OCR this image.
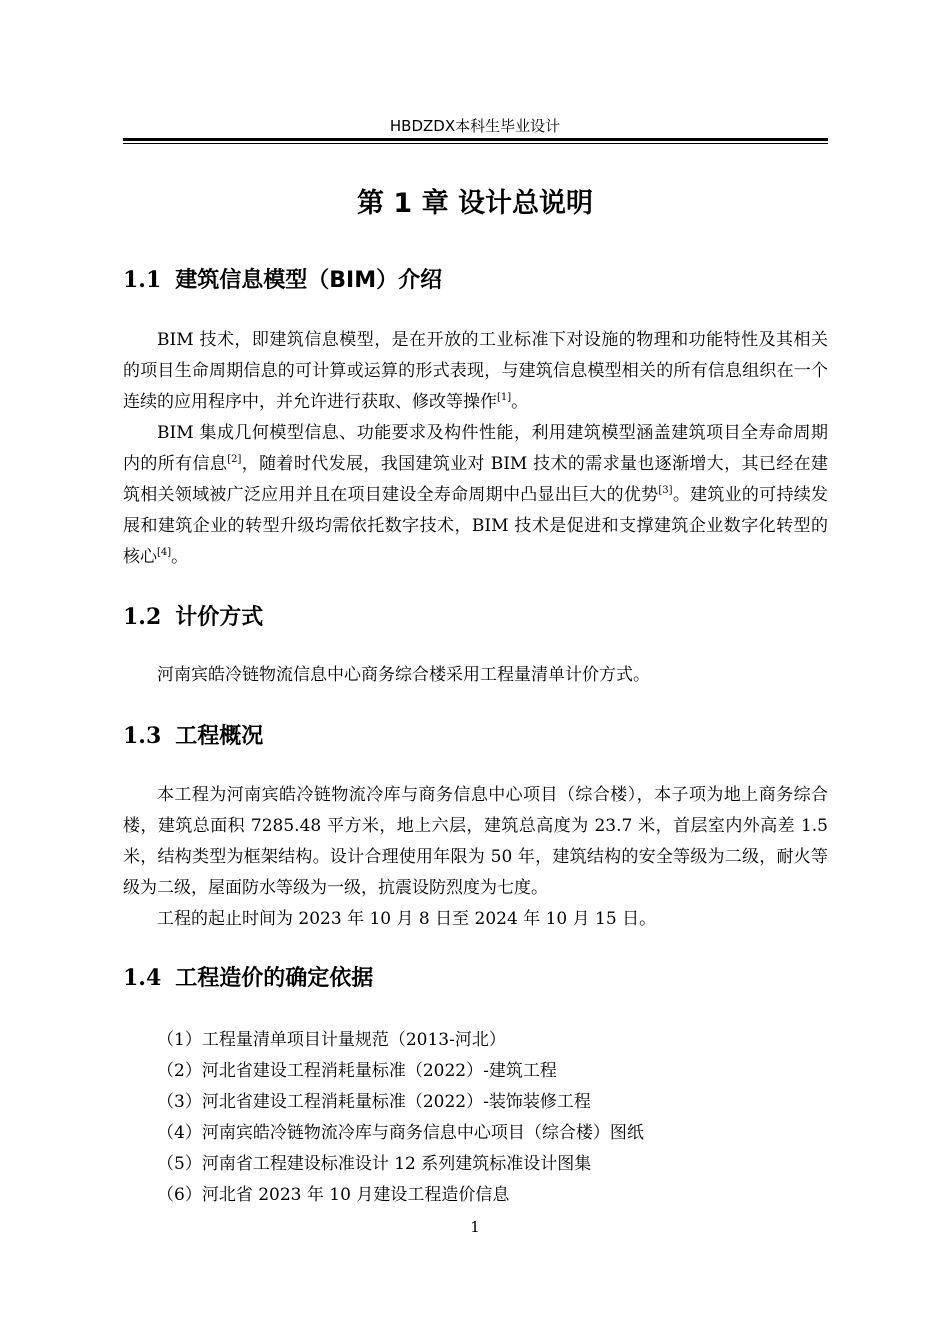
HBDZDX本科生毕业设计
第 1 章 设计总说明
1.1 建筑信息模型（BIM）介绍

BIM 技术，即建筑信息模型，是在开放的工业标准下对设施的物理和功能特性及其相关的项目生命周期信息的可计算或运算的形式表现，与建筑信息模型相关的所有信息组织在一个连续的应用程序中，并允许进行获取、修改等操作[1]。

BIM 集成几何模型信息、功能要求及构件性能，利用建筑模型涵盖建筑项目全寿命周期内的所有信息[2]，随着时代发展，我国建筑业对 BIM 技术的需求量也逐渐增大，其已经在建筑相关领域被广泛应用并且在项目建设全寿命周期中凸显出巨大的优势[3]。建筑业的可持续发展和建筑企业的转型升级均需依托数字技术，BIM 技术是促进和支撑建筑企业数字化转型的核心[4]。

1.2 计价方式

河南宾皓冷链物流信息中心商务综合楼采用工程量清单计价方式。

1.3 工程概况

本工程为河南宾皓冷链物流冷库与商务信息中心项目（综合楼），本子项为地上商务综合楼，建筑总面积 7285.48 平方米，地上六层，建筑总高度为 23.7 米，首层室内外高差 1.5 米，结构类型为框架结构。设计合理使用年限为 50 年，建筑结构的安全等级为二级，耐火等级为二级，屋面防水等级为一级，抗震设防烈度为七度。

工程的起止时间为 2023 年 10 月 8 日至 2024 年 10 月 15 日。

1.4 工程造价的确定依据
（1）工程量清单项目计量规范（2013-河北）
（2）河北省建设工程消耗量标准（2022）-建筑工程
（3）河北省建设工程消耗量标准（2022）-装饰装修工程
（4）河南宾皓冷链物流冷库与商务信息中心项目（综合楼）图纸
（5）河南省工程建设标准设计 12 系列建筑标准设计图集
（6）河北省 2023 年 10 月建设工程造价信息
1
